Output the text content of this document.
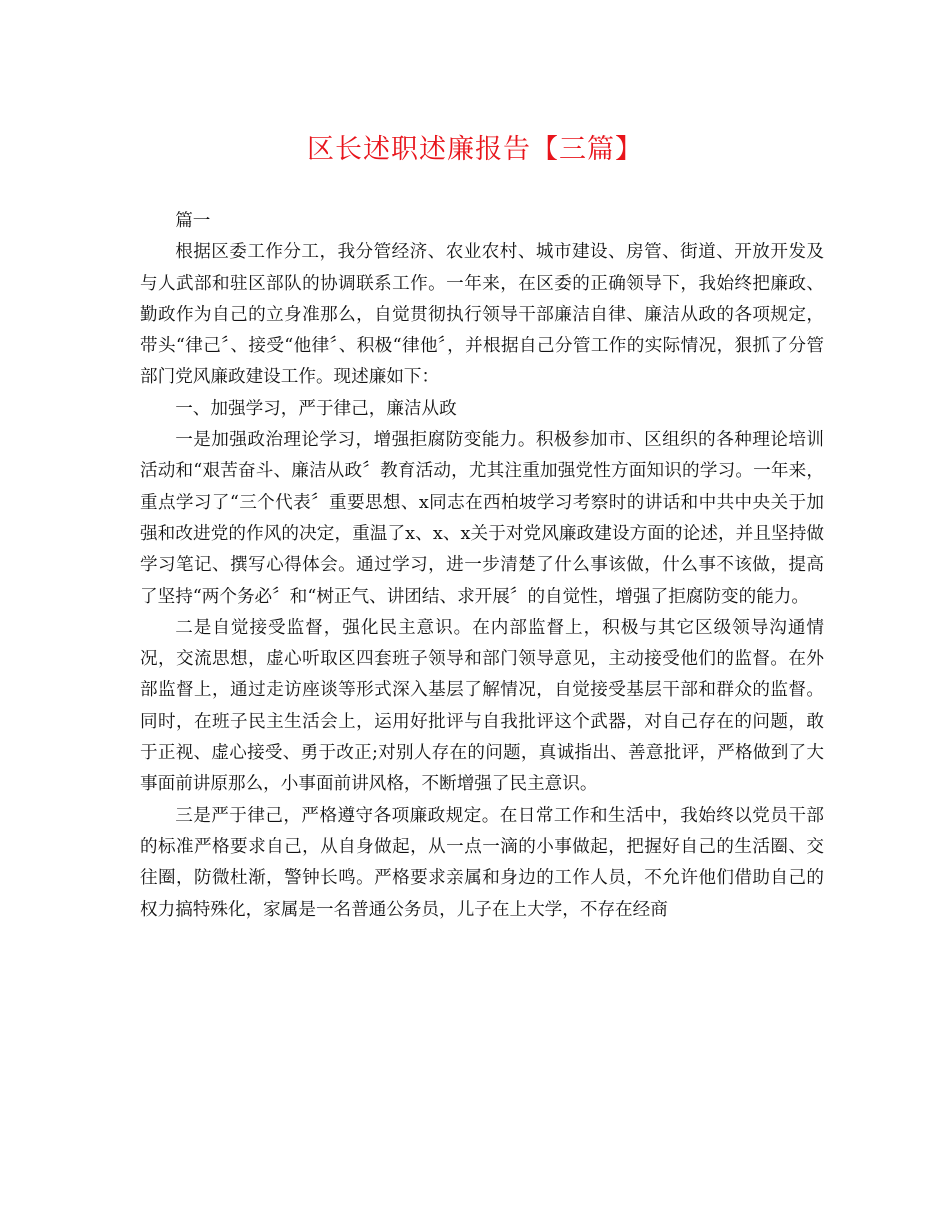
区长述职述廉报告【三篇】

篇一

根据区委工作分工，我分管经济、农业农村、城市建设、房管、街道、开放开发及与人武部和驻区部队的协调联系工作。一年来，在区委的正确领导下，我始终把廉政、勤政作为自己的立身准那么，自觉贯彻执行领导干部廉洁自律、廉洁从政的各项规定，带头“律己〞、接受“他律〞、积极“律他〞，并根据自己分管工作的实际情况，狠抓了分管部门党风廉政建设工作。现述廉如下：

一、加强学习，严于律己，廉洁从政

一是加强政治理论学习，增强拒腐防变能力。积极参加市、区组织的各种理论培训活动和“艰苦奋斗、廉洁从政〞教育活动，尤其注重加强党性方面知识的学习。一年来，重点学习了“三个代表〞重要思想、x同志在西柏坡学习考察时的讲话和中共中央关于加强和改进党的作风的决定，重温了x、x、x关于对党风廉政建设方面的论述，并且坚持做学习笔记、撰写心得体会。通过学习，进一步清楚了什么事该做，什么事不该做，提高了坚持“两个务必〞和“树正气、讲团结、求开展〞的自觉性，增强了拒腐防变的能力。

二是自觉接受监督，强化民主意识。在内部监督上，积极与其它区级领导沟通情况，交流思想，虚心听取区四套班子领导和部门领导意见，主动接受他们的监督。在外部监督上，通过走访座谈等形式深入基层了解情况，自觉接受基层干部和群众的监督。同时，在班子民主生活会上，运用好批评与自我批评这个武器，对自己存在的问题，敢于正视、虚心接受、勇于改正;对别人存在的问题，真诚指出、善意批评，严格做到了大事面前讲原那么，小事面前讲风格，不断增强了民主意识。

三是严于律己，严格遵守各项廉政规定。在日常工作和生活中，我始终以党员干部的标准严格要求自己，从自身做起，从一点一滴的小事做起，把握好自己的生活圈、交往圈，防微杜渐，警钟长鸣。严格要求亲属和身边的工作人员，不允许他们借助自己的权力搞特殊化，家属是一名普通公务员，儿子在上大学，不存在经商
